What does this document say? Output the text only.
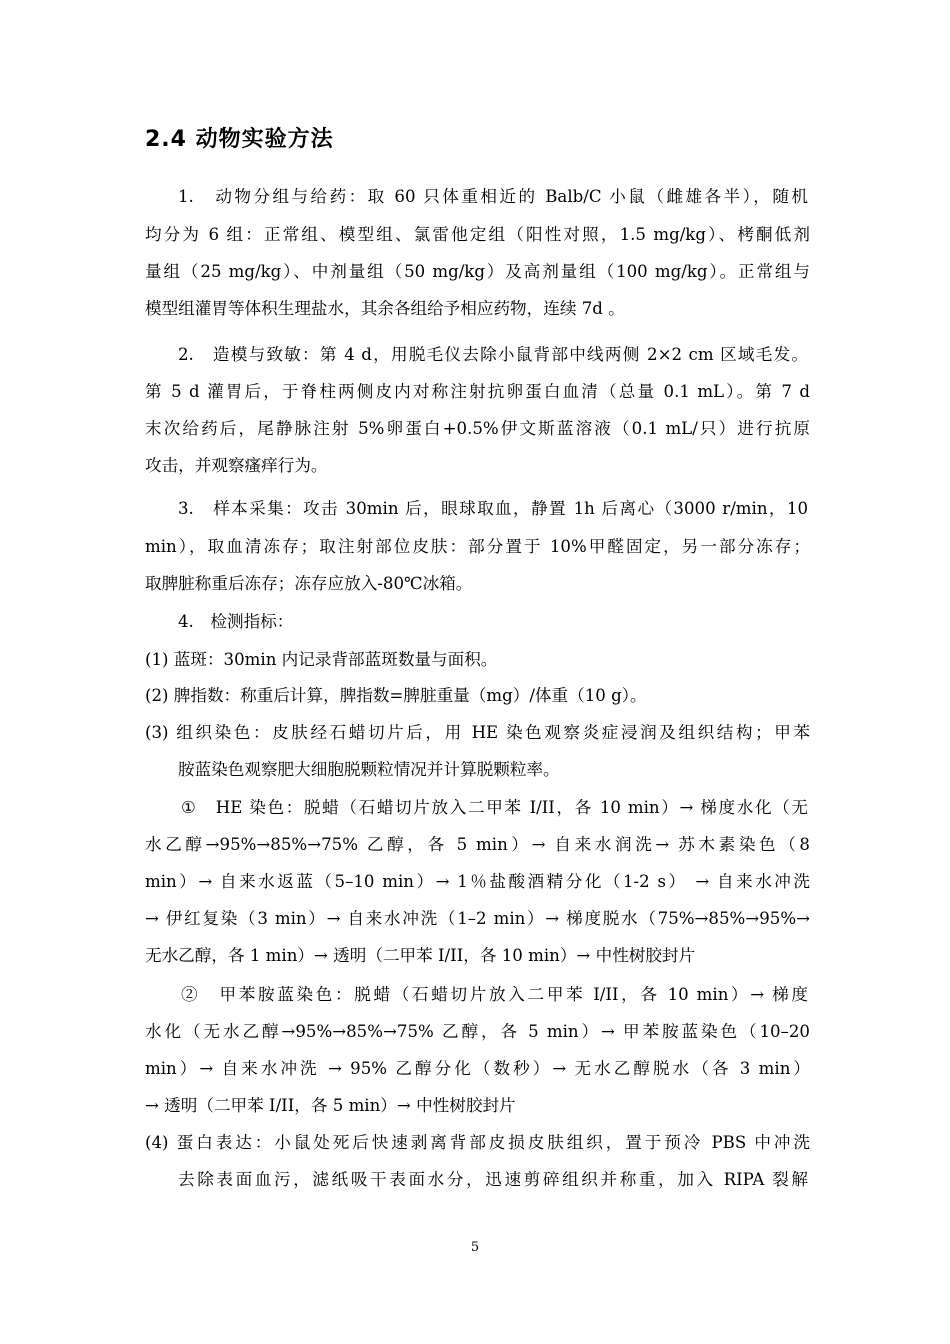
2.4 动物实验方法
1.　动物分组与给药：取 60 只体重相近的 Balb/C 小鼠（雌雄各半），随机
均分为 6 组：正常组、模型组、氯雷他定组（阳性对照，1.5 mg/kg）、栲酮低剂
量组（25 mg/kg）、中剂量组（50 mg/kg）及高剂量组（100 mg/kg）。正常组与
模型组灌胃等体积生理盐水，其余各组给予相应药物，连续 7d 。
2.　造模与致敏：第 4 d，用脱毛仪去除小鼠背部中线两侧 2×2 cm 区域毛发。
第 5 d 灌胃后，于脊柱两侧皮内对称注射抗卵蛋白血清（总量 0.1 mL）。第 7 d
末次给药后，尾静脉注射 5%卵蛋白+0.5%伊文斯蓝溶液（0.1 mL/只）进行抗原
攻击，并观察瘙痒行为。
3.　样本采集：攻击 30min 后，眼球取血，静置 1h 后离心（3000 r/min，10
min），取血清冻存；取注射部位皮肤：部分置于 10%甲醛固定，另一部分冻存；
取脾脏称重后冻存；冻存应放入-80℃冰箱。
4.　检测指标：
(1) 蓝斑：30min 内记录背部蓝斑数量与面积。
(2) 脾指数：称重后计算，脾指数=脾脏重量（mg）/体重（10 g）。
(3) 组织染色：皮肤经石蜡切片后，用 HE 染色观察炎症浸润及组织结构；甲苯
胺蓝染色观察肥大细胞脱颗粒情况并计算脱颗粒率。
①　HE 染色：脱蜡（石蜡切片放入二甲苯 I/II，各 10 min）→ 梯度水化（无
水乙醇→95%→85%→75% 乙醇，各 5 min）→ 自来水润洗→ 苏木素染色（8
min）→ 自来水返蓝（5–10 min）→ 1％盐酸酒精分化（1-2 s） → 自来水冲洗
→ 伊红复染（3 min）→ 自来水冲洗（1–2 min）→ 梯度脱水（75%→85%→95%→
无水乙醇，各 1 min）→ 透明（二甲苯 I/II，各 10 min）→ 中性树胶封片
②　甲苯胺蓝染色：脱蜡（石蜡切片放入二甲苯 I/II，各 10 min）→ 梯度
水化（无水乙醇→95%→85%→75% 乙醇，各 5 min）→ 甲苯胺蓝染色（10–20
min）→ 自来水冲洗 → 95% 乙醇分化（数秒）→ 无水乙醇脱水（各 3 min）
→ 透明（二甲苯 I/II，各 5 min）→ 中性树胶封片
(4) 蛋白表达：小鼠处死后快速剥离背部皮损皮肤组织，置于预冷 PBS 中冲洗
去除表面血污，滤纸吸干表面水分，迅速剪碎组织并称重，加入 RIPA 裂解
5
